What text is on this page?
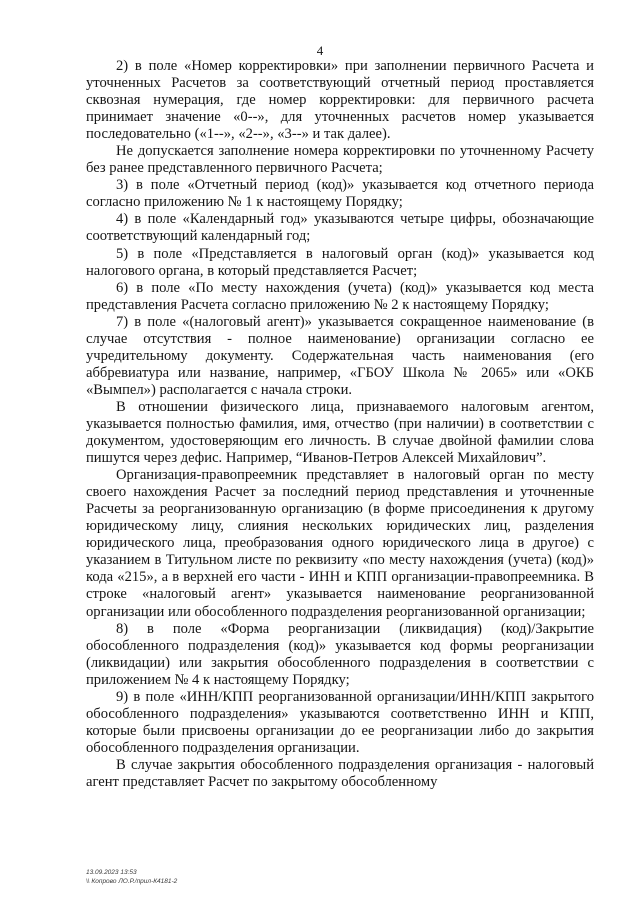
4

2) в поле «Номер корректировки» при заполнении первичного Расчета и уточненных Расчетов за соответствующий отчетный период проставляется сквозная нумерация, где номер корректировки: для первичного расчета принимает значение «0--», для уточненных расчетов номер указывается последовательно («1--», «2--», «3--» и так далее).

Не допускается заполнение номера корректировки по уточненному Расчету без ранее представленного первичного Расчета;

3) в поле «Отчетный период (код)» указывается код отчетного периода согласно приложению № 1 к настоящему Порядку;

4) в поле «Календарный год» указываются четыре цифры, обозначающие соответствующий календарный год;

5) в поле «Представляется в налоговый орган (код)» указывается код налогового органа, в который представляется Расчет;

6) в поле «По месту нахождения (учета) (код)» указывается код места представления Расчета согласно приложению № 2 к настоящему Порядку;

7) в поле «(налоговый агент)» указывается сокращенное наименование (в случае отсутствия - полное наименование) организации согласно ее учредительному документу. Содержательная часть наименования (его аббревиатура или название, например, «ГБОУ Школа № 2065» или «ОКБ «Вымпел») располагается с начала строки.

В отношении физического лица, признаваемого налоговым агентом, указывается полностью фамилия, имя, отчество (при наличии) в соответствии с документом, удостоверяющим его личность. В случае двойной фамилии слова пишутся через дефис. Например, “Иванов-Петров Алексей Михайлович”.

Организация-правопреемник представляет в налоговый орган по месту своего нахождения Расчет за последний период представления и уточненные Расчеты за реорганизованную организацию (в форме присоединения к другому юридическому лицу, слияния нескольких юридических лиц, разделения юридического лица, преобразования одного юридического лица в другое) с указанием в Титульном листе по реквизиту «по месту нахождения (учета) (код)» кода «215», а в верхней его части - ИНН и КПП организации-правопреемника. В строке «налоговый агент» указывается наименование реорганизованной организации или обособленного подразделения реорганизованной организации;

8) в поле «Форма реорганизации (ликвидация) (код)/Закрытие обособленного подразделения (код)» указывается код формы реорганизации (ликвидации) или закрытия обособленного подразделения в соответствии с приложением № 4 к настоящему Порядку;

9) в поле «ИНН/КПП реорганизованной организации/ИНН/КПП закрытого обособленного подразделения» указываются соответственно ИНН и КПП, которые были присвоены организации до ее реорганизации либо до закрытия обособленного подразделения организации.

В случае закрытия обособленного подразделения организация - налоговый агент представляет Расчет по закрытому обособленному

13.09.2023 13:53
\\ Копрово ЛО.Р./прил-К4181-2
